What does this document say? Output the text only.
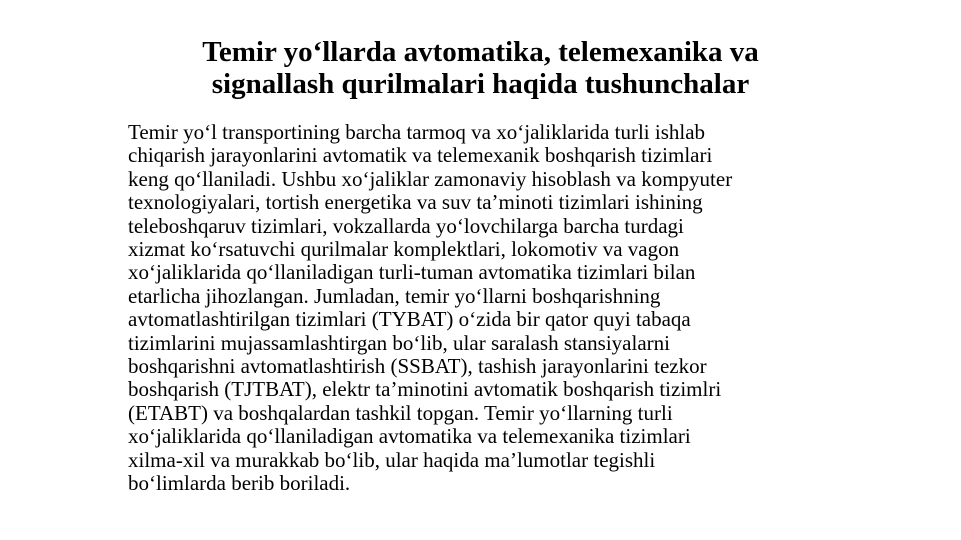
Temir yo‘llarda avtomatika, telemexanika va
signallash qurilmalari haqida tushunchalar
Temir yo‘l transportining barcha tarmoq va xo‘jaliklarida turli ishlab
chiqarish jarayonlarini avtomatik va telemexanik boshqarish tizimlari
keng qo‘llaniladi. Ushbu xo‘jaliklar zamonaviy hisoblash va kompyuter
texnologiyalari, tortish energetika va suv ta’minoti tizimlari ishining
teleboshqaruv tizimlari, vokzallarda yo‘lovchilarga barcha turdagi
xizmat ko‘rsatuvchi qurilmalar komplektlari, lokomotiv va vagon
xo‘jaliklarida qo‘llaniladigan turli-tuman avtomatika tizimlari bilan
etarlicha jihozlangan. Jumladan, temir yo‘llarni boshqarishning
avtomatlashtirilgan tizimlari (TYBAT) o‘zida bir qator quyi tabaqa
tizimlarini mujassamlashtirgan bo‘lib, ular saralash stansiyalarni
boshqarishni avtomatlashtirish (SSBAT), tashish jarayonlarini tezkor
boshqarish (TJTBAT), elektr ta’minotini avtomatik boshqarish tizimlri
(ETABT) va boshqalardan tashkil topgan. Temir yo‘llarning turli
xo‘jaliklarida qo‘llaniladigan avtomatika va telemexanika tizimlari
xilma-xil va murakkab bo‘lib, ular haqida ma’lumotlar tegishli
bo‘limlarda berib boriladi.
